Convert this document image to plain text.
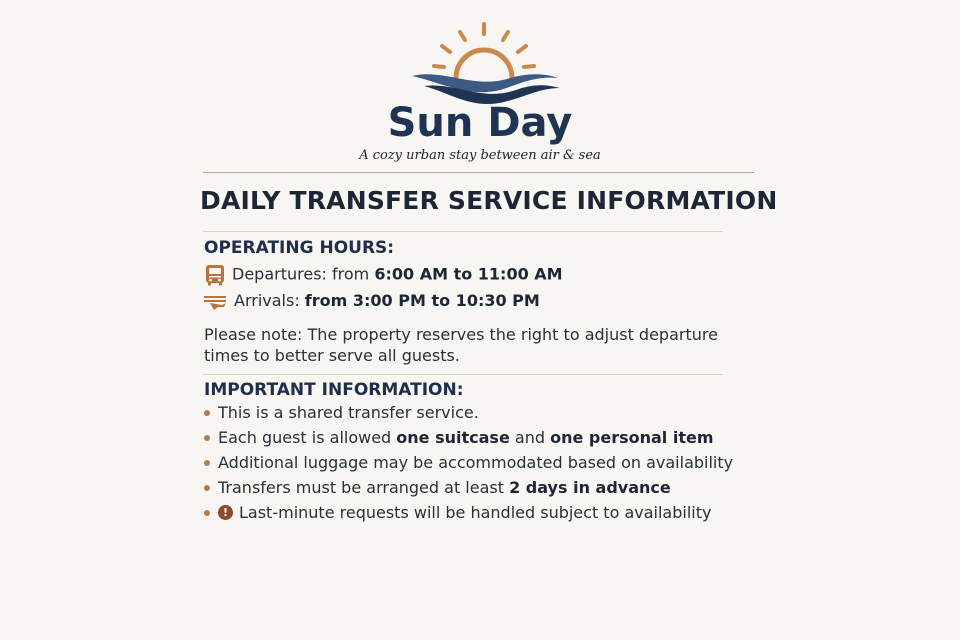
Sun Day
A cozy urban stay between air & sea
DAILY TRANSFER SERVICE INFORMATION
OPERATING HOURS:
Departures: from 6:00 AM to 11:00 AM
Arrivals: from 3:00 PM to 10:30 PM
Please note: The property reserves the right to adjust departure times to better serve all guests.
IMPORTANT INFORMATION:
This is a shared transfer service.
Each guest is allowed one suitcase and one personal item
Additional luggage may be accommodated based on availability
Transfers must be arranged at least 2 days in advance
! Last-minute requests will be handled subject to availability
